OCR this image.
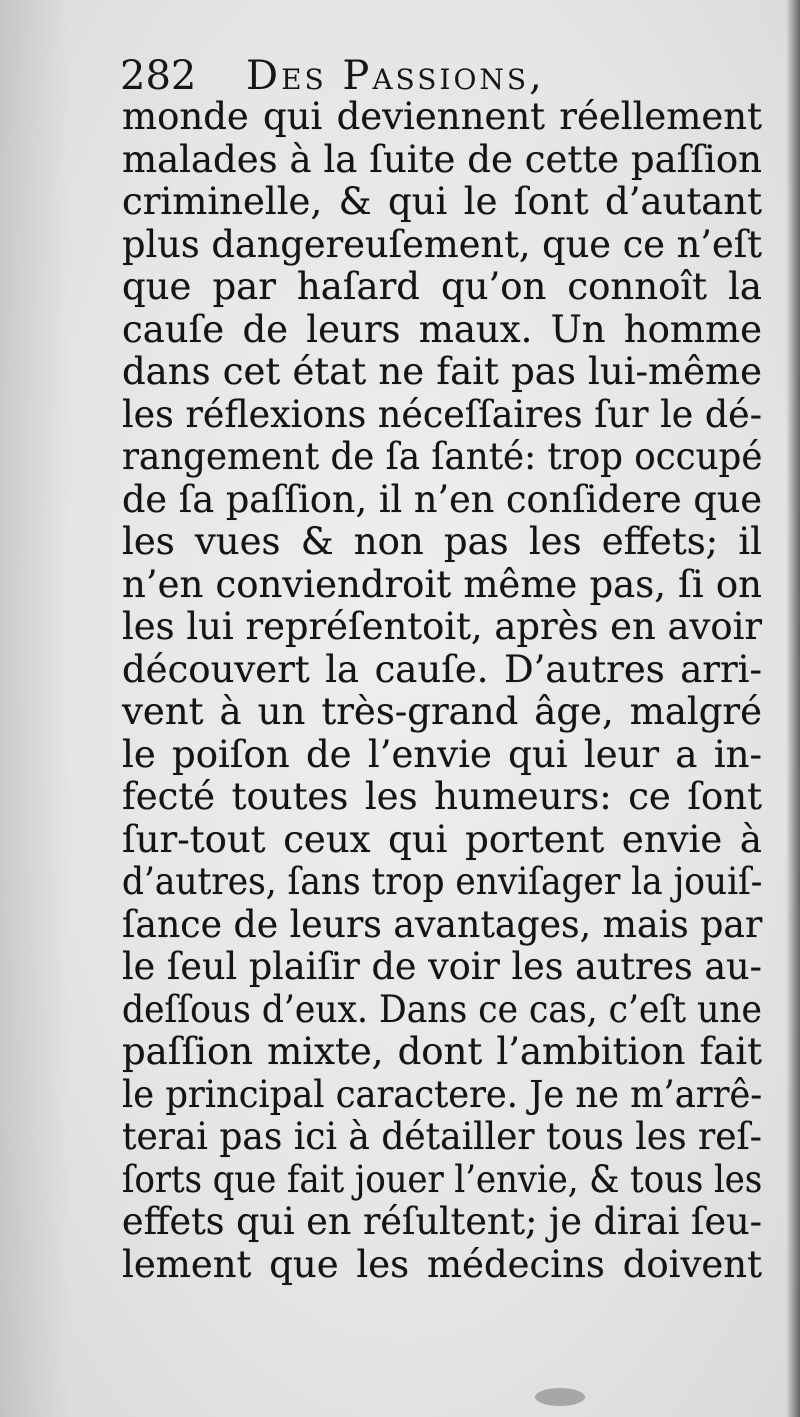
282 Des Passions,
monde qui deviennent réellement
malades à la ſuite de cette paſſion
criminelle, & qui le ſont d’autant
plus dangereuſement, que ce n’eſt
que par haſard qu’on connoît la
cauſe de leurs maux. Un homme
dans cet état ne fait pas lui-même
les réflexions néceſſaires ſur le dé-
rangement de ſa ſanté: trop occupé
de ſa paſſion, il n’en conſidere que
les vues & non pas les effets; il
n’en conviendroit même pas, ſi on
les lui repréſentoit, après en avoir
découvert la cauſe. D’autres arri-
vent à un très-grand âge, malgré
le poiſon de l’envie qui leur a in-
fecté toutes les humeurs: ce ſont
ſur-tout ceux qui portent envie à
d’autres, ſans trop enviſager la jouiſ-
ſance de leurs avantages, mais par
le ſeul plaiſir de voir les autres au-
deſſous d’eux. Dans ce cas, c’eſt une
paſſion mixte, dont l’ambition fait
le principal caractere. Je ne m’arrê-
terai pas ici à détailler tous les reſ-
ſorts que fait jouer l’envie, & tous les
effets qui en réſultent; je dirai ſeu-
lement que les médecins doivent
